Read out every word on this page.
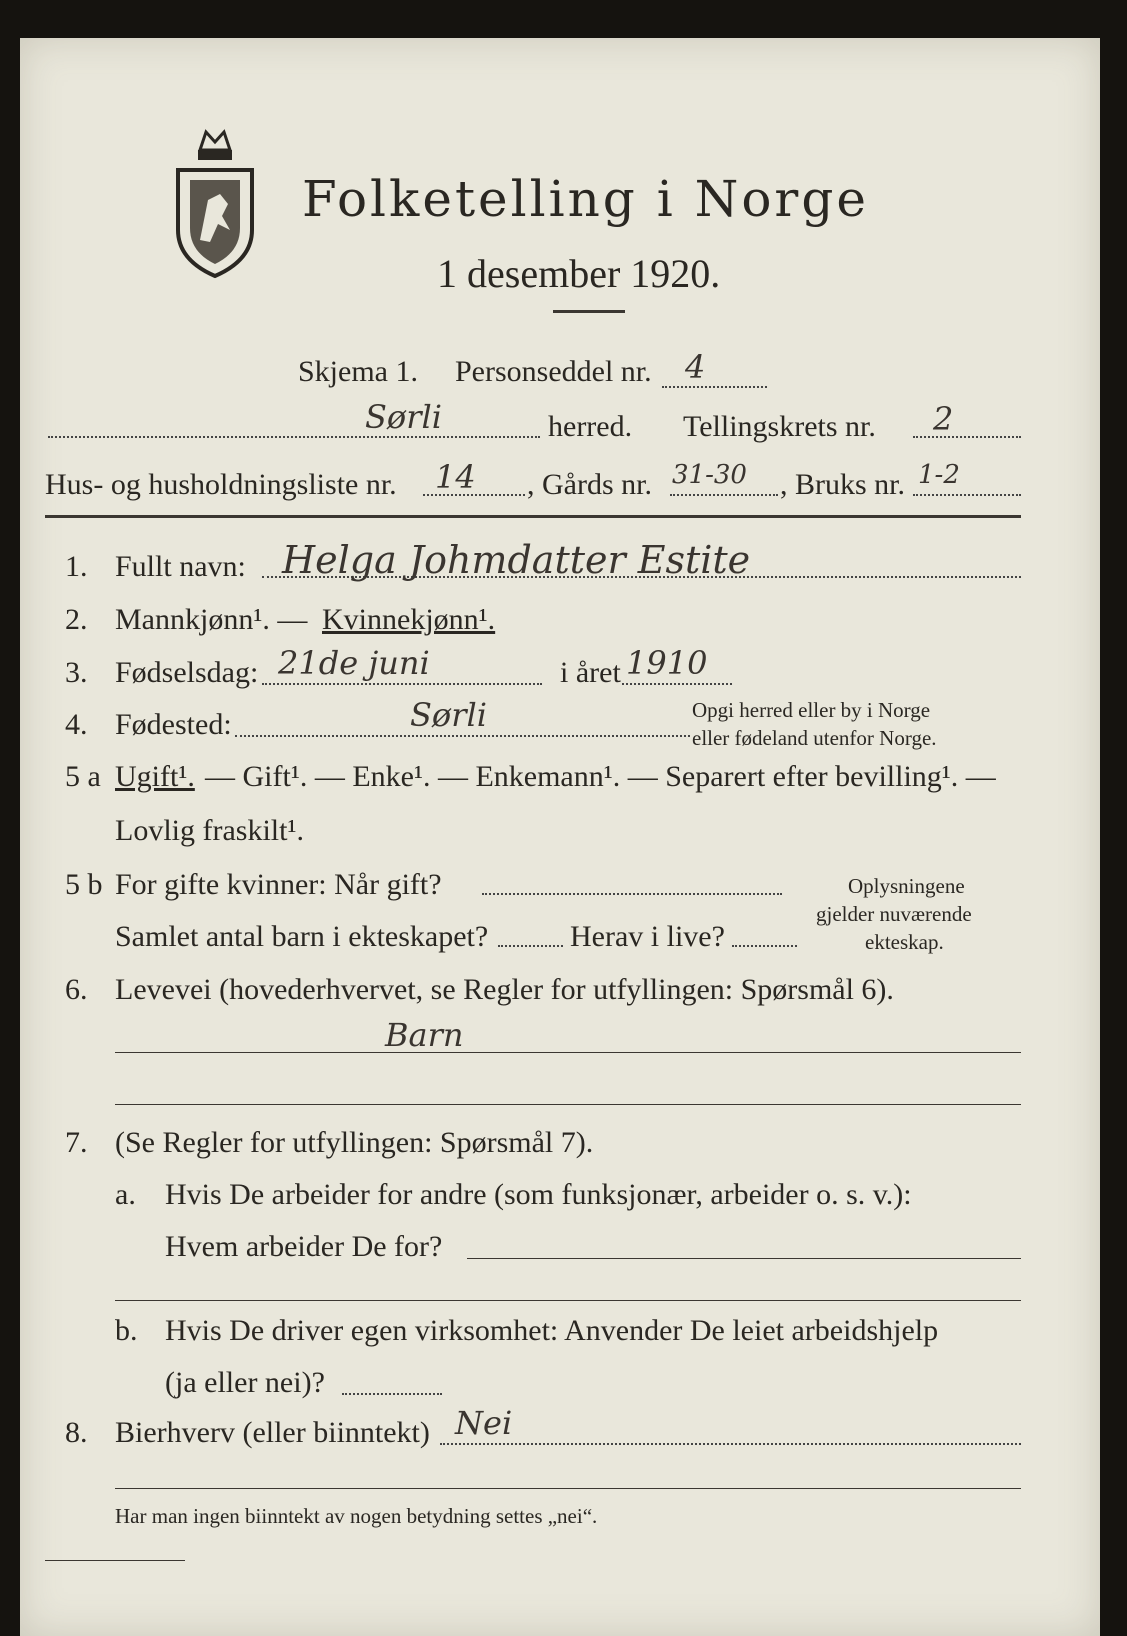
Folketelling i Norge
1 desember 1920.
Skjema 1. Personseddel nr. 4
Sørli	herred. Tellingskrets nr. 2
Hus- og husholdningsliste nr. 14 , Gårds nr. 31-30 , Bruks nr. 1-2
1. Fullt navn: Helga Johmdatter Estite
2. Mannkjønn¹. — Kvinnekjønn¹.
3. Fødselsdag: 21de juni	i året 1910
4. Fødested:	Sørli	Opgi herred eller by i Norge
eller fødeland utenfor Norge.
5 a Ugift¹. — Gift¹. — Enke¹. — Enkemann¹. — Separert efter bevilling¹. —
Lovlig fraskilt¹.
5 b For gifte kvinner: Når gift?
Samlet antal barn i ekteskapet?	Herav i live?
Oplysningene
gjelder nuværende
ekteskap.
6. Levevei (hovederhvervet, se Regler for utfyllingen: Spørsmål 6).
Barn
7. (Se Regler for utfyllingen: Spørsmål 7).
a. Hvis De arbeider for andre (som funksjonær, arbeider o. s. v.):
Hvem arbeider De for?
b. Hvis De driver egen virksomhet: Anvender De leiet arbeidshjelp
(ja eller nei)?
8. Bierhverv (eller biinntekt) Nei
Har man ingen biinntekt av nogen betydning settes „nei“.
